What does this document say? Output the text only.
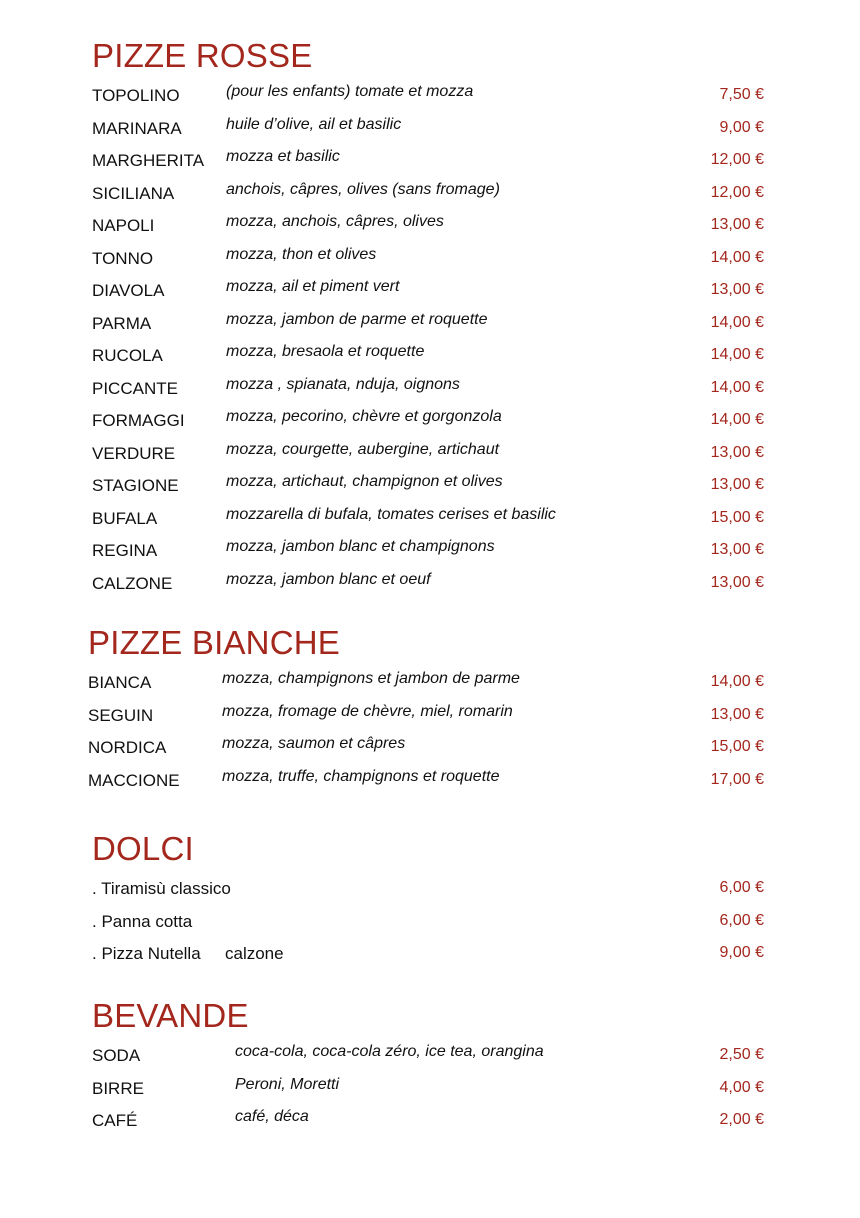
PIZZE ROSSE
TOPOLINO	(pour les enfants) tomate et mozza	7,50 €
MARINARA	huile d’olive, ail et basilic	9,00 €
MARGHERITA mozza et basilic	12,00 €
SICILIANA	anchois, câpres, olives (sans fromage)	12,00 €
NAPOLI	mozza, anchois, câpres, olives	13,00 €
TONNO	mozza, thon et olives	14,00 €
DIAVOLA	mozza, ail et piment vert	13,00 €
PARMA	mozza, jambon de parme et roquette	14,00 €
RUCOLA	mozza, bresaola et roquette	14,00 €
PICCANTE	mozza , spianata, nduja, oignons	14,00 €
FORMAGGI	mozza, pecorino, chèvre et gorgonzola	14,00 €
VERDURE	mozza, courgette, aubergine, artichaut	13,00 €
STAGIONE	mozza, artichaut, champignon et olives	13,00 €
BUFALA	mozzarella di bufala, tomates cerises et basilic	15,00 €
REGINA	mozza, jambon blanc et champignons	13,00 €
CALZONE	mozza, jambon blanc et oeuf	13,00 €
PIZZE BIANCHE
BIANCA	mozza, champignons et jambon de parme	14,00 €
SEGUIN	mozza, fromage de chèvre, miel, romarin	13,00 €
NORDICA	mozza, saumon et câpres	15,00 €
MACCIONE	mozza, truffe, champignons et roquette	17,00 €
DOLCI
. Tiramisù classico	6,00 €
. Panna cotta	6,00 €
. Pizza Nutella calzone	9,00 €
BEVANDE
SODA	coca-cola, coca-cola zéro, ice tea, orangina	2,50 €
BIRRE	Peroni, Moretti	4,00 €
CAFÉ	café, déca	2,00 €
